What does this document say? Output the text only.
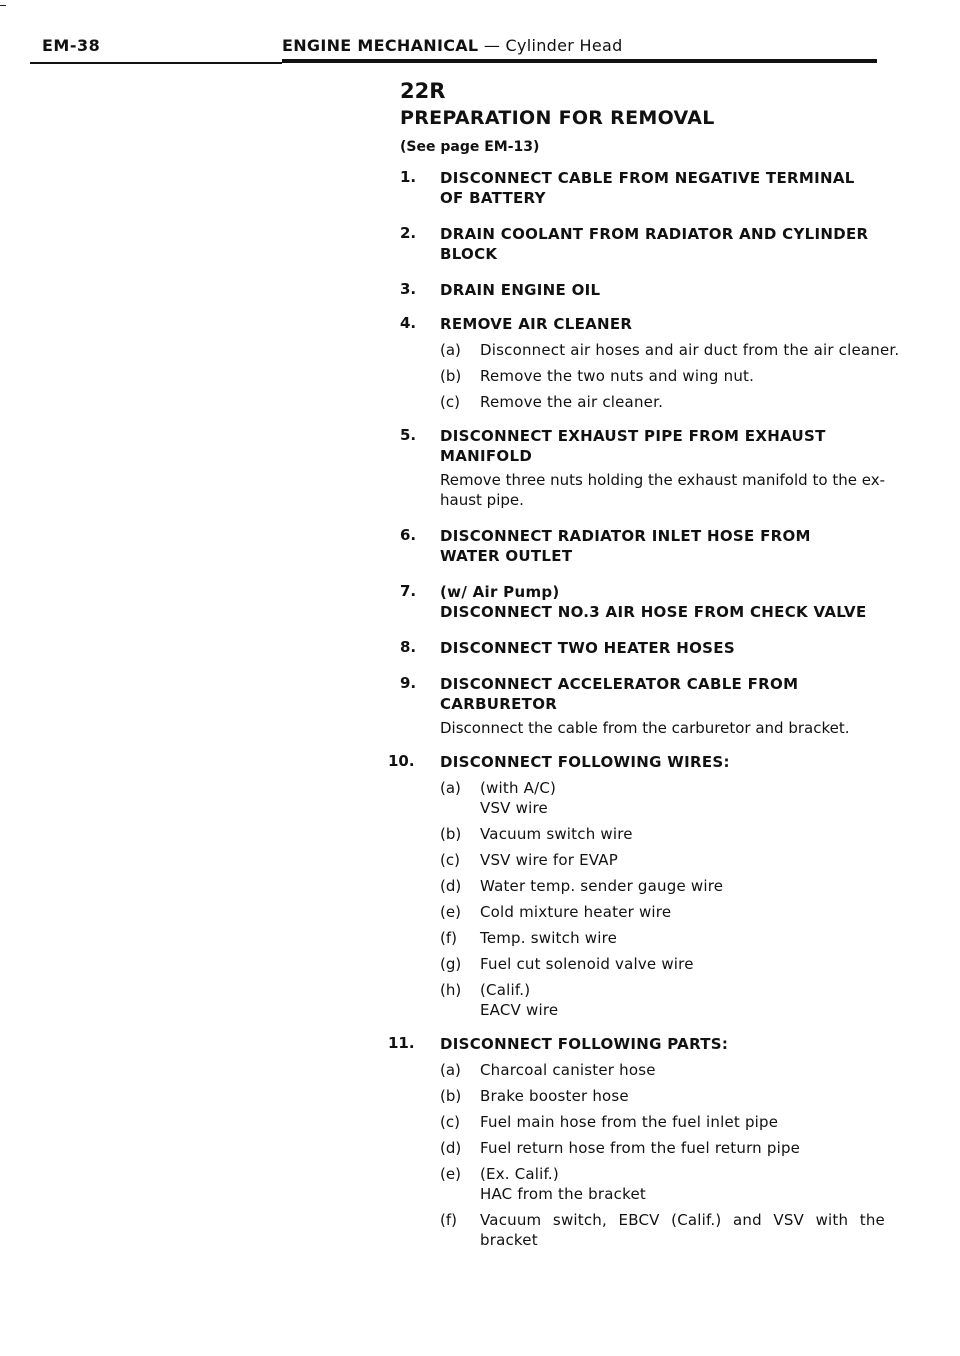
EM-38	ENGINE MECHANICAL — Cylinder Head
22R
PREPARATION FOR REMOVAL
(See page EM-13)
1. DISCONNECT CABLE FROM NEGATIVE TERMINAL OF BATTERY
2. DRAIN COOLANT FROM RADIATOR AND CYLINDER BLOCK
3. DRAIN ENGINE OIL
4. REMOVE AIR CLEANER
(a) Disconnect air hoses and air duct from the air cleaner.
(b) Remove the two nuts and wing nut.
(c) Remove the air cleaner.
5. DISCONNECT EXHAUST PIPE FROM EXHAUST MANIFOLD
Remove three nuts holding the exhaust manifold to the ex-haust pipe.
6. DISCONNECT RADIATOR INLET HOSE FROM WATER OUTLET
7. (w/ Air Pump)
DISCONNECT NO.3 AIR HOSE FROM CHECK VALVE
8. DISCONNECT TWO HEATER HOSES
9. DISCONNECT ACCELERATOR CABLE FROM CARBURETOR
Disconnect the cable from the carburetor and bracket.
10. DISCONNECT FOLLOWING WIRES:
(a) (with A/C)
VSV wire
(b) Vacuum switch wire
(c) VSV wire for EVAP
(d) Water temp. sender gauge wire
(e) Cold mixture heater wire
(f) Temp. switch wire
(g) Fuel cut solenoid valve wire
(h) (Calif.)
EACV wire
11. DISCONNECT FOLLOWING PARTS:
(a) Charcoal canister hose
(b) Brake booster hose
(c) Fuel main hose from the fuel inlet pipe
(d) Fuel return hose from the fuel return pipe
(e) (Ex. Calif.)
HAC from the bracket
(f) Vacuum switch, EBCV (Calif.) and VSV with the bracket
